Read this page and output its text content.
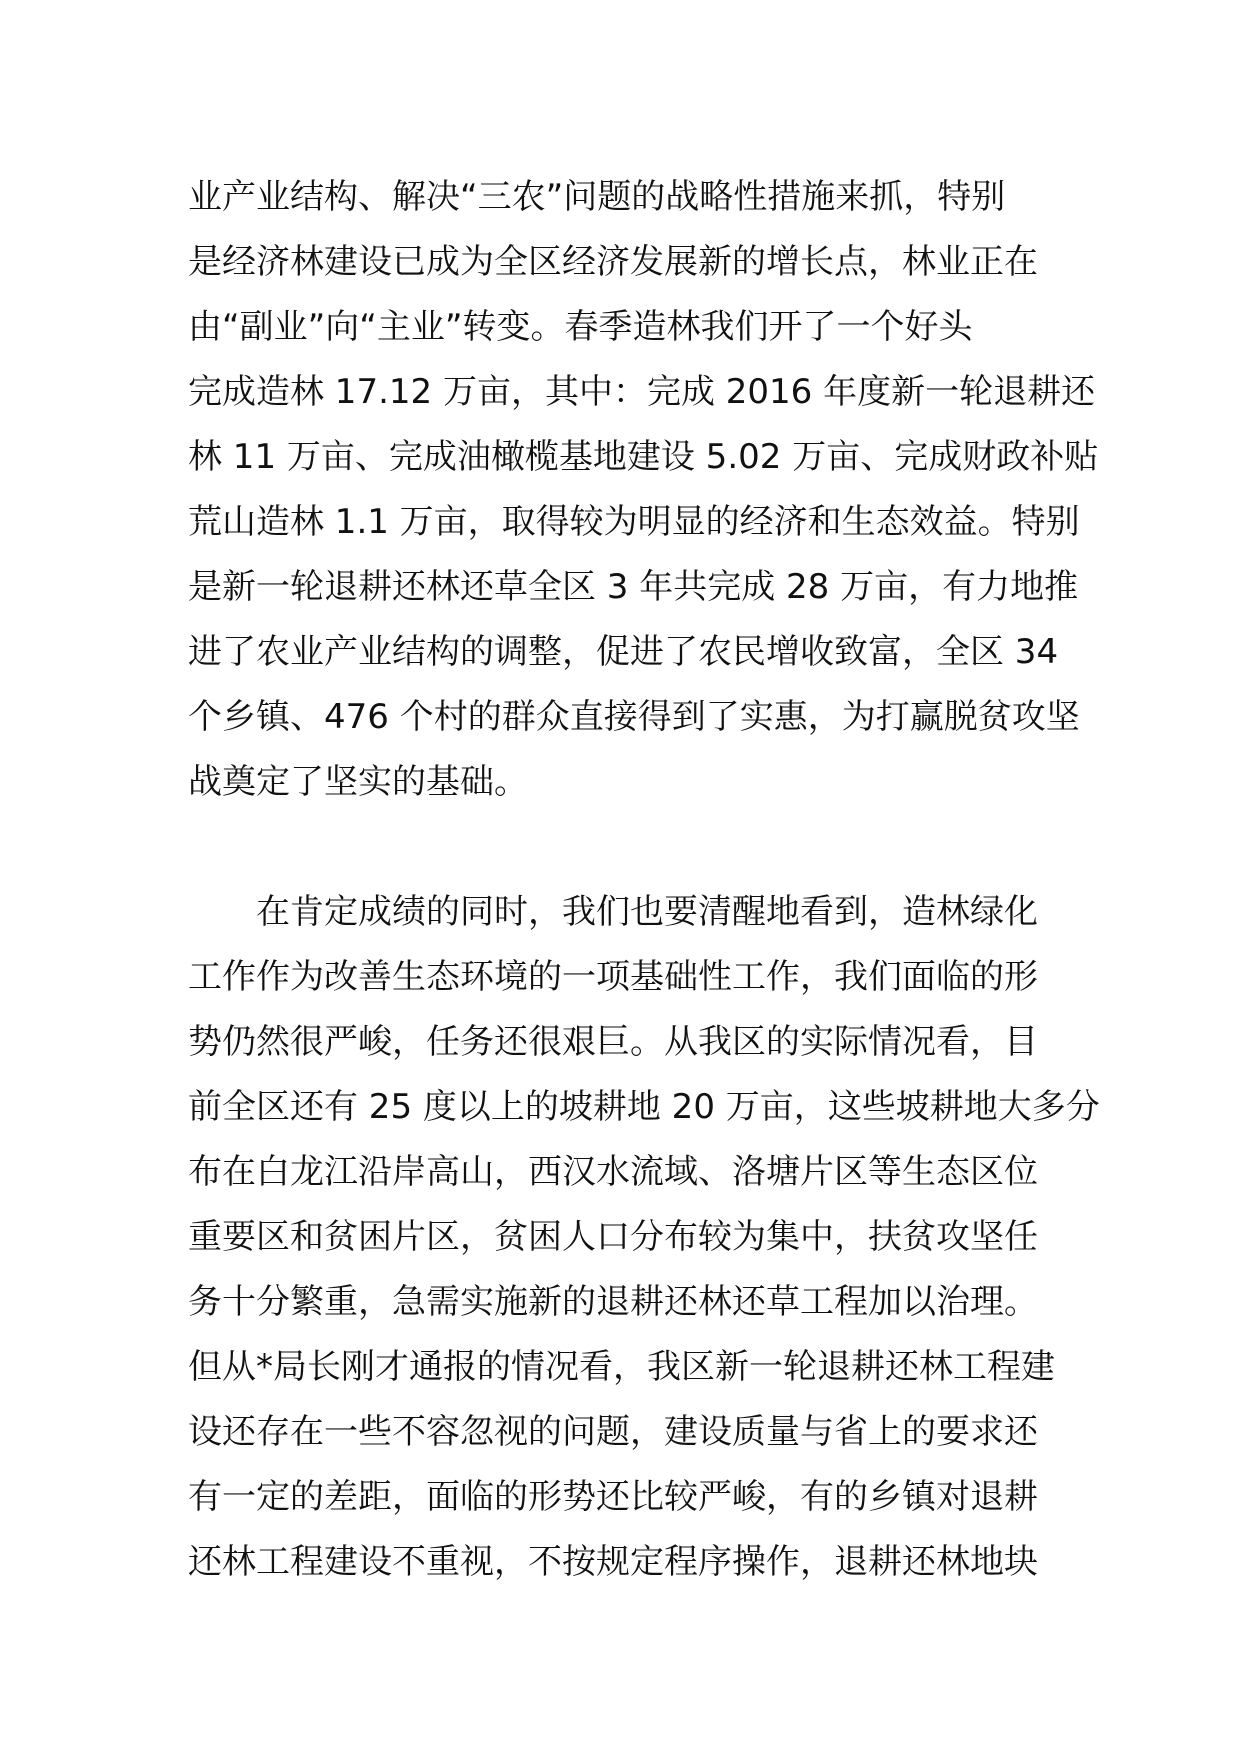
业产业结构、解决“三农”问题的战略性措施来抓，特别
是经济林建设已成为全区经济发展新的增长点，林业正在
由“副业”向“主业”转变。春季造林我们开了一个好头
完成造林 17.12 万亩，其中：完成 2016 年度新一轮退耕还
林 11 万亩、完成油橄榄基地建设 5.02 万亩、完成财政补贴
荒山造林 1.1 万亩，取得较为明显的经济和生态效益。特别
是新一轮退耕还林还草全区 3 年共完成 28 万亩，有力地推
进了农业产业结构的调整，促进了农民增收致富，全区 34
个乡镇、476 个村的群众直接得到了实惠，为打赢脱贫攻坚
战奠定了坚实的基础。

　　在肯定成绩的同时，我们也要清醒地看到，造林绿化
工作作为改善生态环境的一项基础性工作，我们面临的形
势仍然很严峻，任务还很艰巨。从我区的实际情况看，目
前全区还有 25 度以上的坡耕地 20 万亩，这些坡耕地大多分
布在白龙江沿岸高山，西汉水流域、洛塘片区等生态区位
重要区和贫困片区，贫困人口分布较为集中，扶贫攻坚任
务十分繁重，急需实施新的退耕还林还草工程加以治理。
但从*局长刚才通报的情况看，我区新一轮退耕还林工程建
设还存在一些不容忽视的问题，建设质量与省上的要求还
有一定的差距，面临的形势还比较严峻，有的乡镇对退耕
还林工程建设不重视，不按规定程序操作，退耕还林地块
